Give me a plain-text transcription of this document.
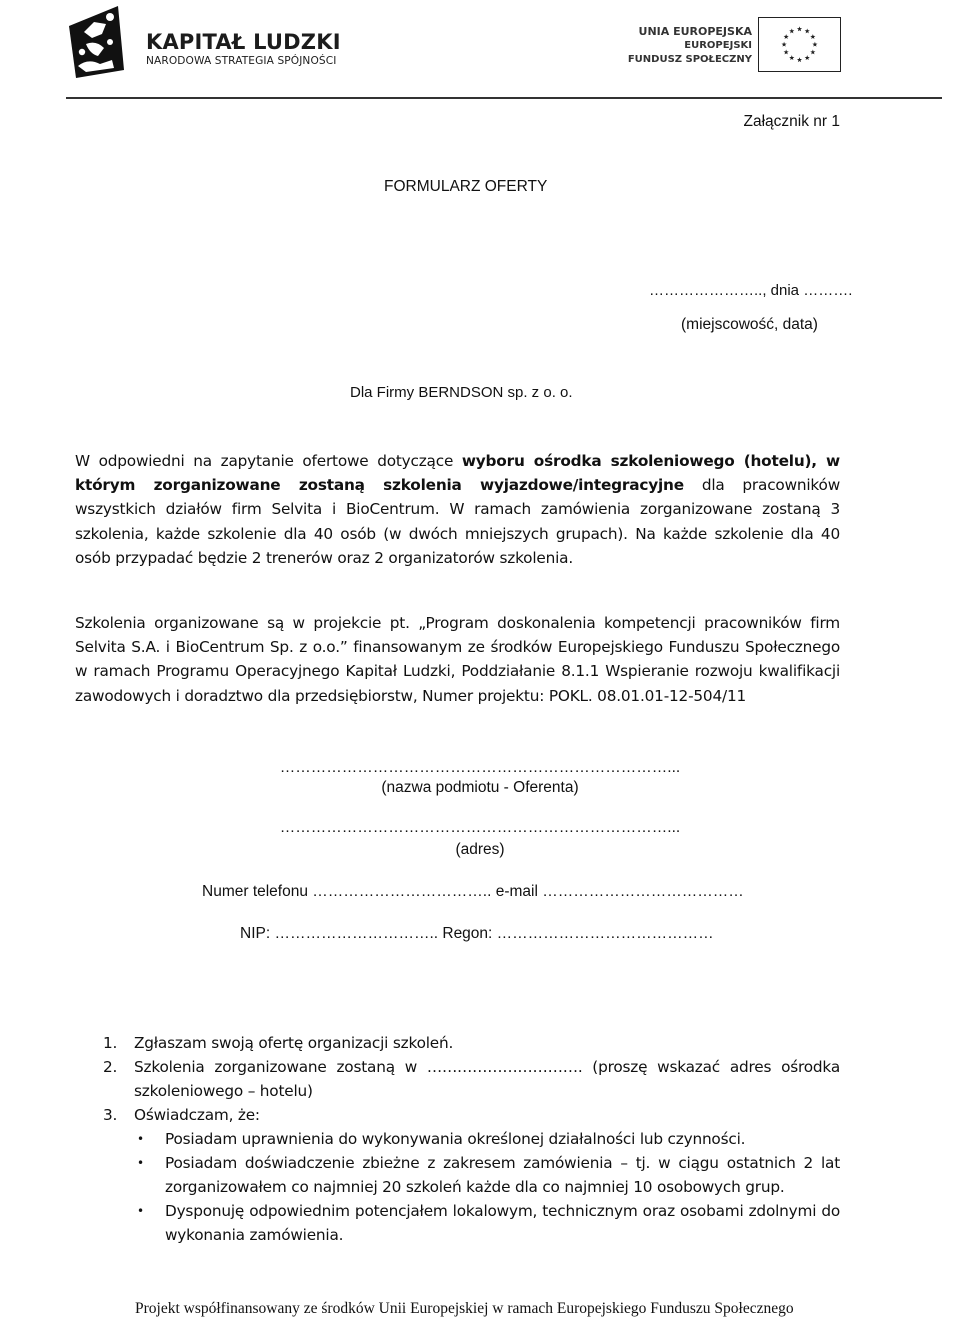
KAPITAŁ LUDZKI
NARODOWA STRATEGIA SPÓJNOŚCI
UNIA EUROPEJSKA
EUROPEJSKI
FUNDUSZ SPOŁECZNY
Załącznik nr 1
FORMULARZ OFERTY
………………….., dnia ……….
(miejscowość, data)
Dla Firmy BERNDSON sp. z o. o.
W odpowiedni na zapytanie ofertowe dotyczące wyboru ośrodka szkoleniowego (hotelu), w którym zorganizowane zostaną szkolenia wyjazdowe/integracyjne dla pracowników wszystkich działów firm Selvita i BioCentrum. W ramach zamówienia zorganizowane zostaną 3 szkolenia, każde szkolenie dla 40 osób (w dwóch mniejszych grupach). Na każde szkolenie dla 40 osób przypadać będzie 2 trenerów oraz 2 organizatorów szkolenia.
Szkolenia organizowane są w projekcie pt. „Program doskonalenia kompetencji pracowników firm Selvita S.A. i BioCentrum Sp. z o.o.” finansowanym ze środków Europejskiego Funduszu Społecznego w ramach Programu Operacyjnego Kapitał Ludzki, Poddziałanie 8.1.1 Wspieranie rozwoju kwalifikacji zawodowych i doradztwo dla przedsiębiorstw, Numer projektu: POKL. 08.01.01-12-504/11
…………………………………………………………………...
(nazwa podmiotu - Oferenta)
…………………………………………………………………...
(adres)
Numer telefonu …………………………….. e-mail …………………………………
NIP: ………………………….. Regon: ……………………………………
1. Zgłaszam swoją ofertę organizacji szkoleń.
2. Szkolenia zorganizowane zostaną w …………………………. (proszę wskazać adres ośrodka szkoleniowego – hotelu)
3. Oświadczam, że:
• Posiadam uprawnienia do wykonywania określonej działalności lub czynności.
• Posiadam doświadczenie zbieżne z zakresem zamówienia – tj. w ciągu ostatnich 2 lat zorganizowałem co najmniej 20 szkoleń każde dla co najmniej 10 osobowych grup.
• Dysponuję odpowiednim potencjałem lokalowym, technicznym oraz osobami zdolnymi do wykonania zamówienia.
Projekt współfinansowany ze środków Unii Europejskiej w ramach Europejskiego Funduszu Społecznego
